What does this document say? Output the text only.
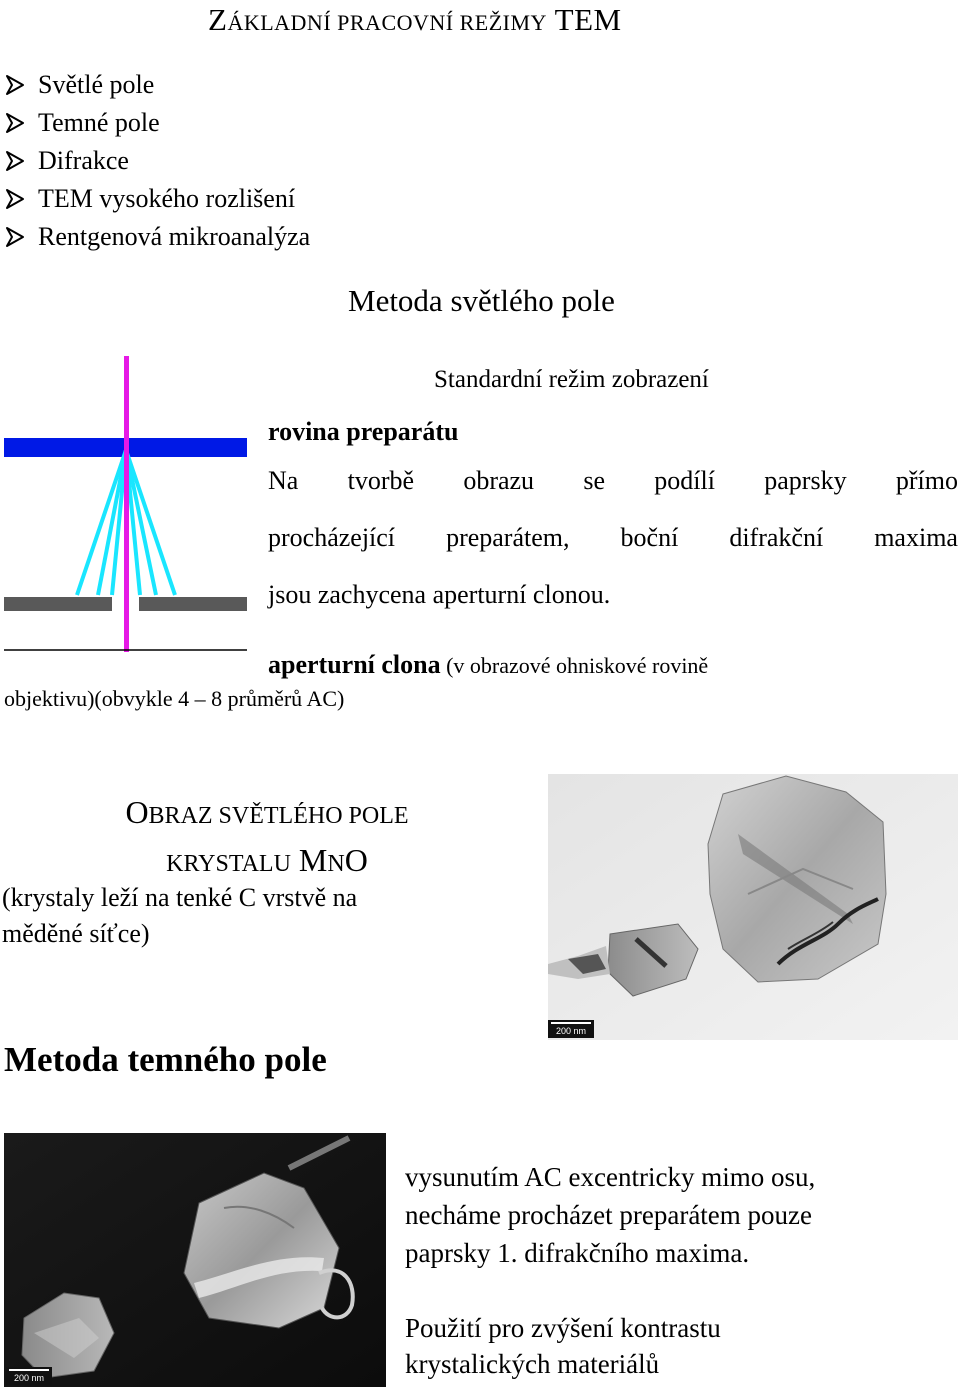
ZÁKLADNÍ PRACOVNÍ REŽIMY TEM
Světlé pole
Temné pole
Difrakce
TEM vysokého rozlišení
Rentgenová mikroanalýza
Metoda světlého pole
Standardní režim zobrazení
rovina preparátu
Na tvorbě obrazu se podílí paprsky přímo
procházející preparátem, boční difrakční maxima
jsou zachycena aperturní clonou.
aperturní clona (v obrazové ohniskové rovině
objektivu)(obvykle 4 – 8 průměrů AC)
OBRAZ SVĚTLÉHO POLE
KRYSTALU MNO
(krystaly leží na tenké C vrstvě na
měděné síťce)
200 nm
Metoda temného pole
200 nm
vysunutím AC excentricky mimo osu,
necháme procházet preparátem pouze
paprsky 1. difrakčního maxima.
Použití pro zvýšení kontrastu
krystalických materiálů
